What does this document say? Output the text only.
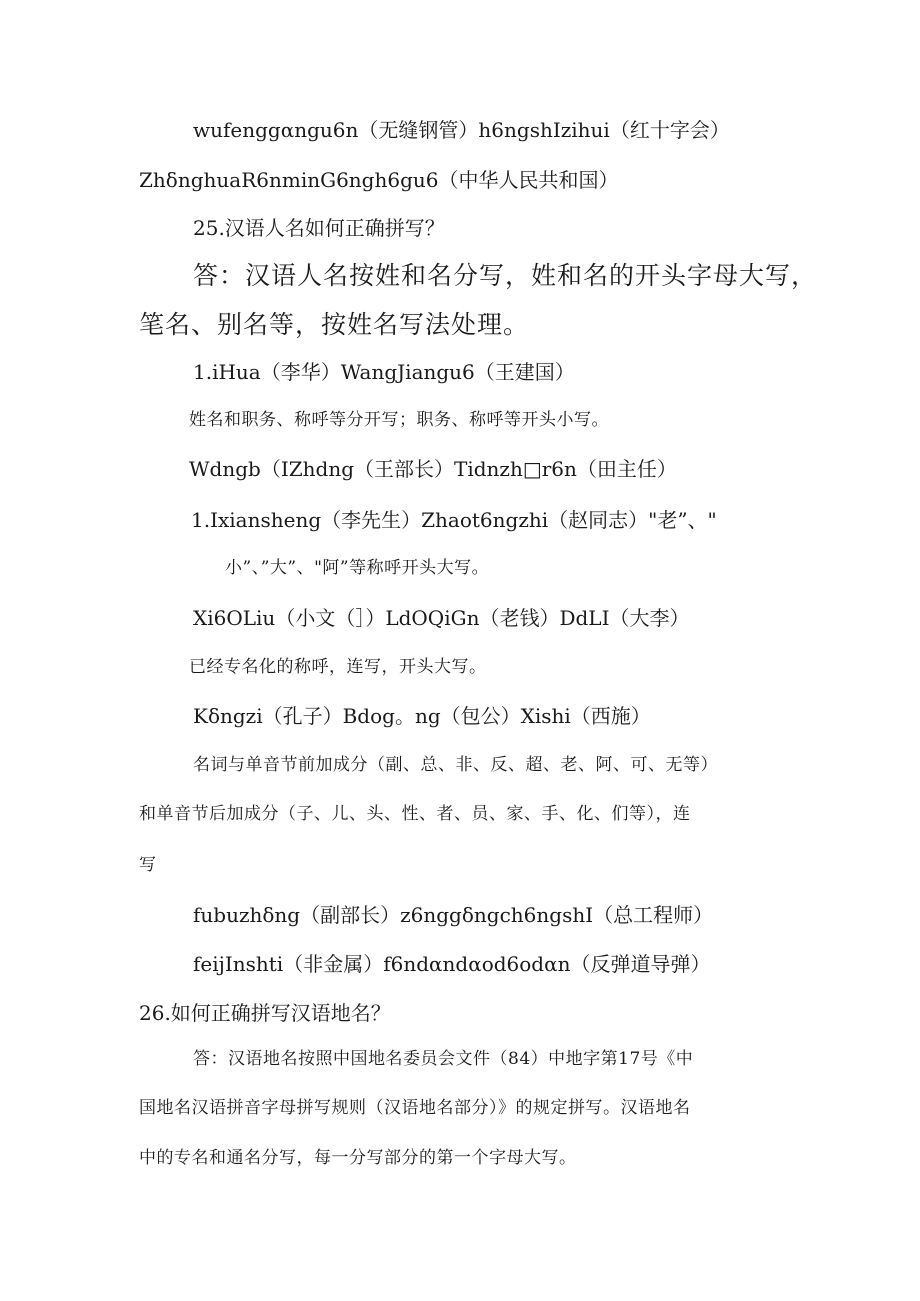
wufenggαngu6n（无缝钢管）h6ngshIzihui（红十字会）
ZhδnghuaR6nminG6ngh6gu6（中华人民共和国）
25.汉语人名如何正确拼写？
答：汉语人名按姓和名分写，姓和名的开头字母大写，
笔名、别名等，按姓名写法处理。
1.iHua（李华）WangJiangu6（王建国）
姓名和职务、称呼等分开写；职务、称呼等开头小写。
Wdngb（IZhdng（王部长）Tidnzh□r6n（田主任）
1.Ixiansheng（李先生）Zhaot6ngzhi（赵同志）"老”、"
小”、”大”、"阿”等称呼开头大写。
Xi6OLiu（小文（］）LdOQiGn（老钱）DdLI（大李）
已经专名化的称呼，连写，开头大写。
Kδngzi（孔子）Bdog。ng（包公）Xishi（西施）
名词与单音节前加成分（副、总、非、反、超、老、阿、可、无等）
和单音节后加成分（子、儿、头、性、者、员、家、手、化、们等），连
写
fubuzhδng（副部长）z6nggδngch6ngshI（总工程师）
feijInshti（非金属）f6ndαndαod6odαn（反弹道导弹）
26.如何正确拼写汉语地名？
答：汉语地名按照中国地名委员会文件（84）中地字第17号《中
国地名汉语拼音字母拼写规则（汉语地名部分）》的规定拼写。汉语地名
中的专名和通名分写，每一分写部分的第一个字母大写。
